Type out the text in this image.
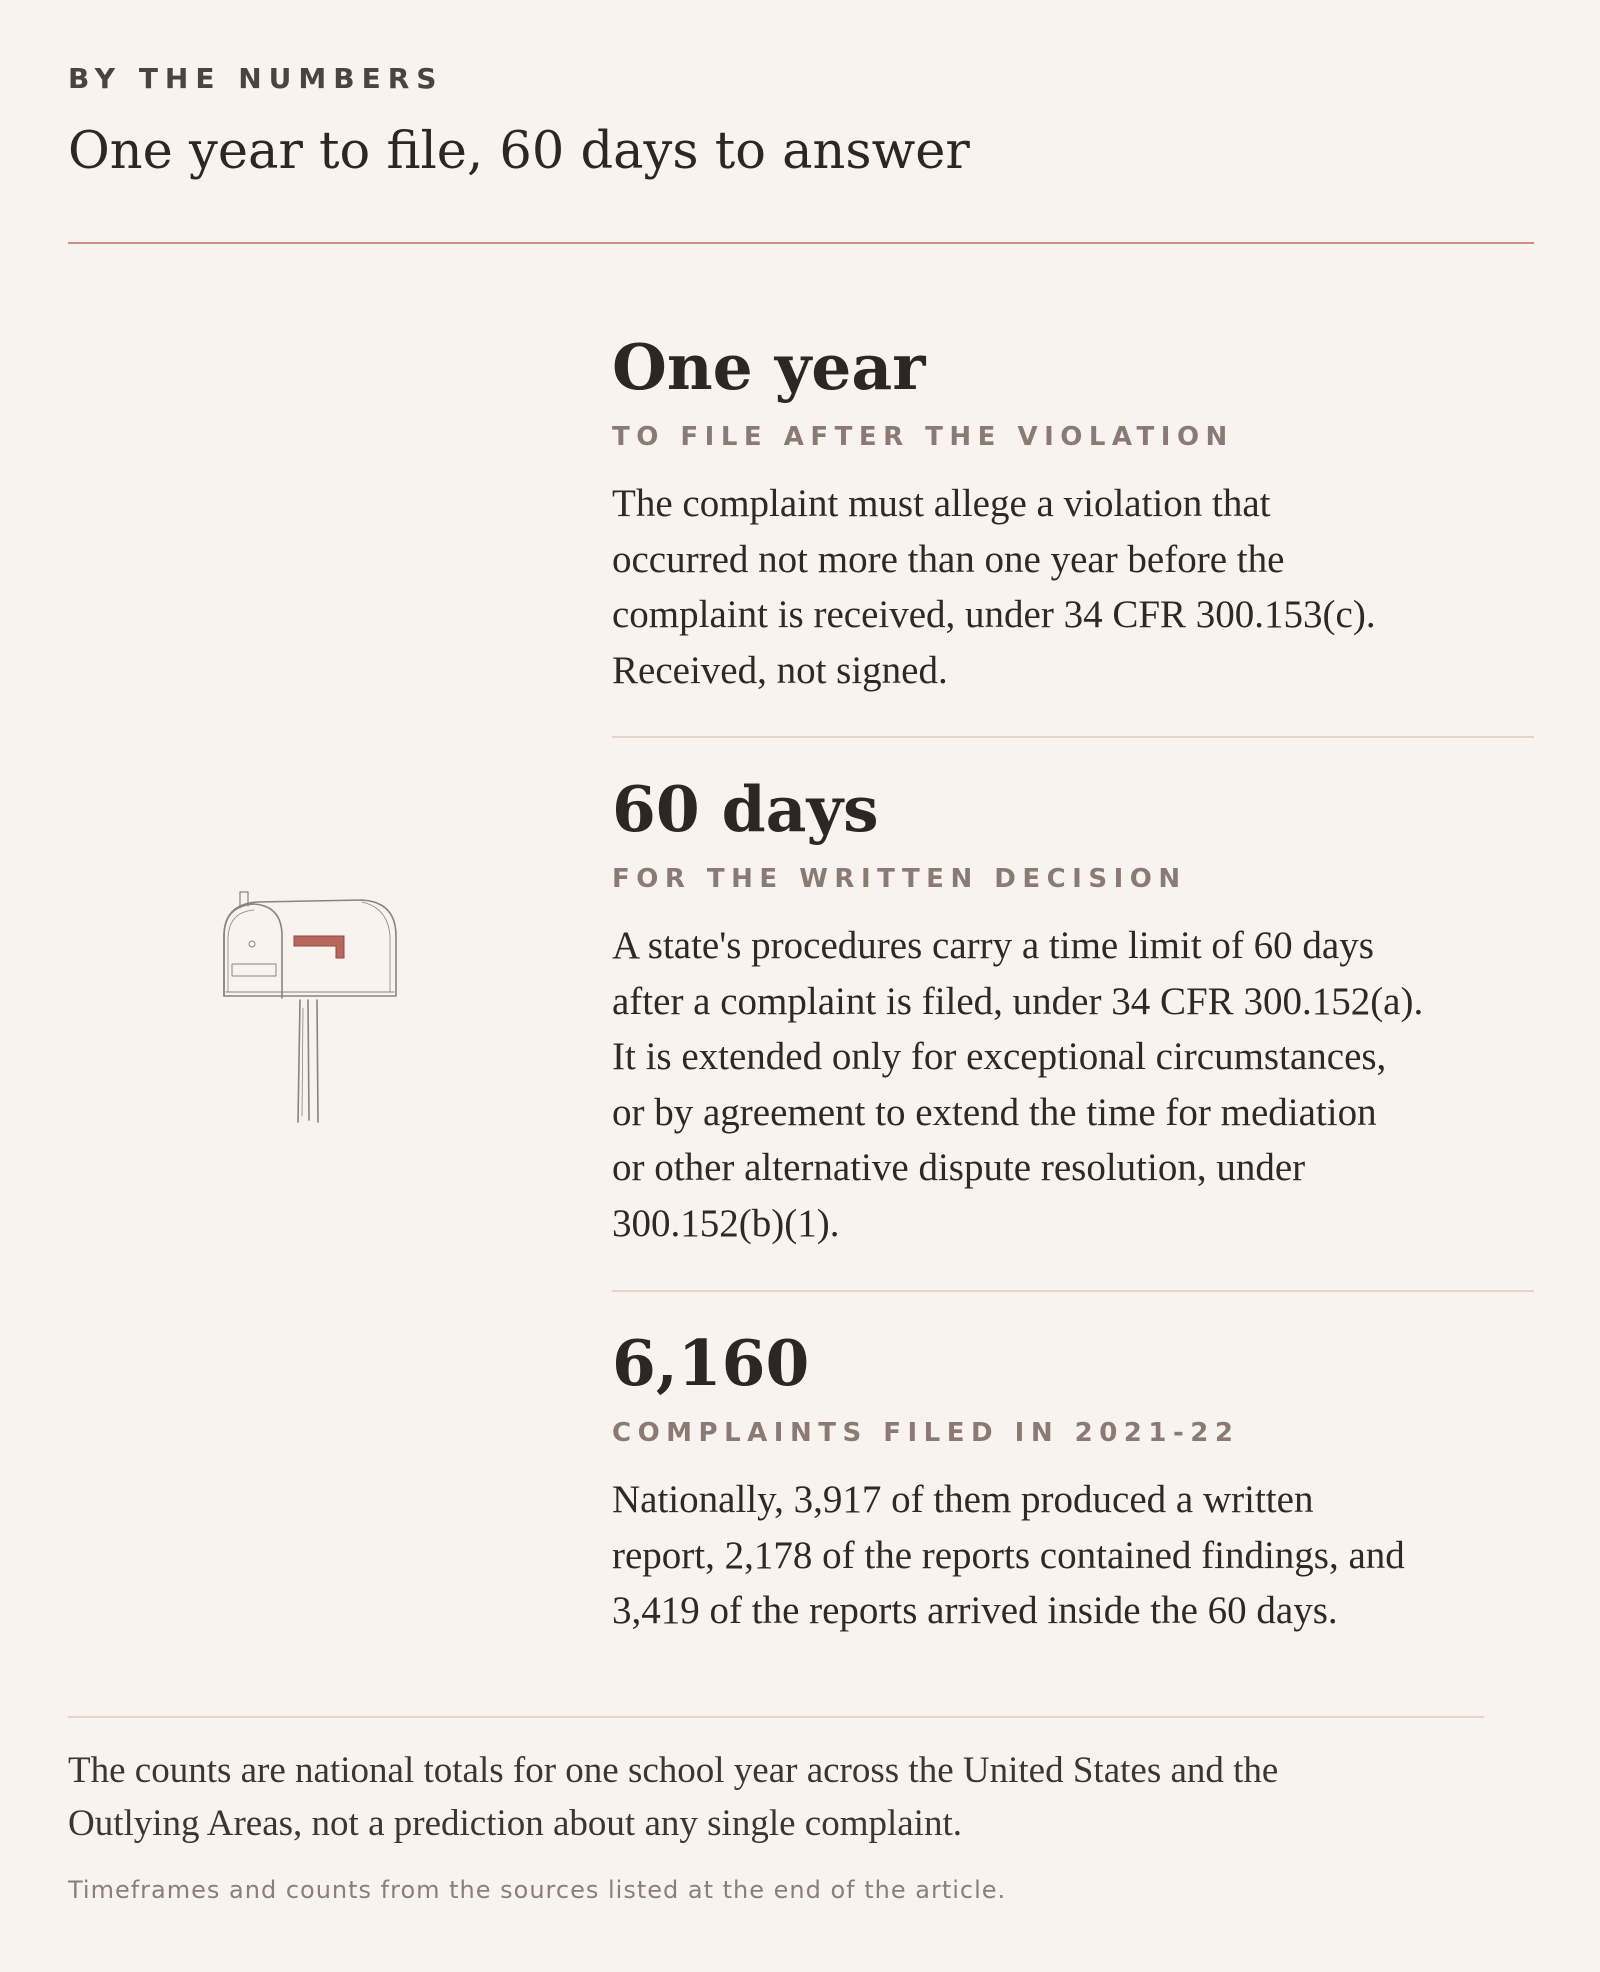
BY THE NUMBERS
One year to file, 60 days to answer
One year
TO FILE AFTER THE VIOLATION
The complaint must allege a violation that
occurred not more than one year before the
complaint is received, under 34 CFR 300.153(c).
Received, not signed.
60 days
FOR THE WRITTEN DECISION
A state's procedures carry a time limit of 60 days
after a complaint is filed, under 34 CFR 300.152(a).
It is extended only for exceptional circumstances,
or by agreement to extend the time for mediation
or other alternative dispute resolution, under
300.152(b)(1).
6,160
COMPLAINTS FILED IN 2021-22
Nationally, 3,917 of them produced a written
report, 2,178 of the reports contained findings, and
3,419 of the reports arrived inside the 60 days.
The counts are national totals for one school year across the United States and the
Outlying Areas, not a prediction about any single complaint.
Timeframes and counts from the sources listed at the end of the article.
